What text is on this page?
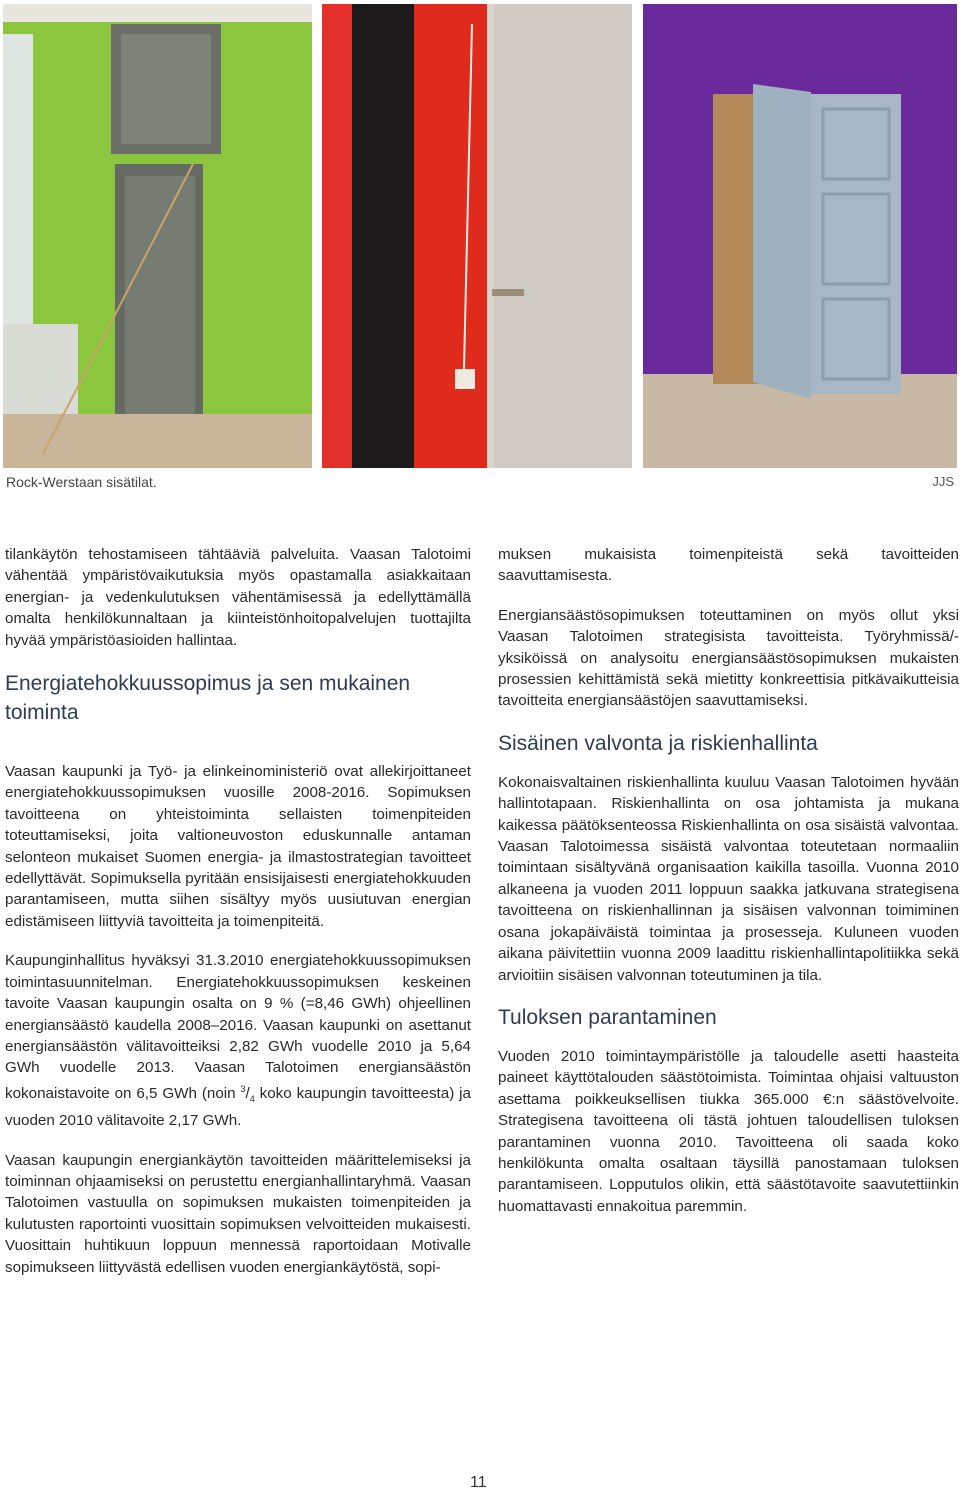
Rock-Werstaan sisätilat.	JJS

tilankäytön tehostamiseen tähtääviä palveluita. Vaasan Talotoimi vähentää ympäristövaikutuksia myös opastamalla asiakkaitaan energian- ja vedenkulutuksen vähentämisessä ja edellyttämällä omalta henkilökunnaltaan ja kiinteistönhoitopalvelujen tuottajilta hyvää ympäristöasioiden hallintaa.

Energiatehokkuussopimus ja sen mukainen toiminta

Vaasan kaupunki ja Työ- ja elinkeinoministeriö ovat allekirjoittaneet energiatehokkuussopimuksen vuosille 2008-2016. Sopimuksen tavoitteena on yhteistoiminta sellaisten toimenpiteiden toteuttamiseksi, joita valtioneuvoston eduskunnalle antaman selonteon mukaiset Suomen energia- ja ilmastostrategian tavoitteet edellyttävät. Sopimuksella pyritään ensisijaisesti energiatehokkuuden parantamiseen, mutta siihen sisältyy myös uusiutuvan energian edistämiseen liittyviä tavoitteita ja toimenpiteitä.

Kaupunginhallitus hyväksyi 31.3.2010 energiatehokkuussopimuksen toimintasuunnitelman. Energiatehokkuussopimuksen keskeinen tavoite Vaasan kaupungin osalta on 9 % (=8,46 GWh) ohjeellinen energiansäästö kaudella 2008–2016. Vaasan kaupunki on asettanut energiansäästön välitavoitteiksi 2,82 GWh vuodelle 2010 ja 5,64 GWh vuodelle 2013. Vaasan Talotoimen energiansäästön kokonaistavoite on 6,5 GWh (noin $^3/_4$ koko kaupungin tavoitteesta) ja vuoden 2010 välitavoite 2,17 GWh.

Vaasan kaupungin energiankäytön tavoitteiden määrittelemiseksi ja toiminnan ohjaamiseksi on perustettu energianhallintaryhmä. Vaasan Talotoimen vastuulla on sopimuksen mukaisten toimenpiteiden ja kulutusten raportointi vuosittain sopimuksen velvoitteiden mukaisesti. Vuosittain huhtikuun loppuun mennessä raportoidaan Motivalle sopimukseen liittyvästä edellisen vuoden energiankäytöstä, sopi-

muksen mukaisista toimenpiteistä sekä tavoitteiden saavuttamisesta.

Energiansäästösopimuksen toteuttaminen on myös ollut yksi Vaasan Talotoimen strategisista tavoitteista. Työryhmissä/-yksiköissä on analysoitu energiansäästösopimuksen mukaisten prosessien kehittämistä sekä mietitty konkreettisia pitkävaikutteisia tavoitteita energiansäästöjen saavuttamiseksi.

Sisäinen valvonta ja riskienhallinta

Kokonaisvaltainen riskienhallinta kuuluu Vaasan Talotoimen hyvään hallintotapaan. Riskienhallinta on osa johtamista ja mukana kaikessa päätöksenteossa Riskienhallinta on osa sisäistä valvontaa. Vaasan Talotoimessa sisäistä valvontaa toteutetaan normaaliin toimintaan sisältyvänä organisaation kaikilla tasoilla. Vuonna 2010 alkaneena ja vuoden 2011 loppuun saakka jatkuvana strategisena tavoitteena on riskienhallinnan ja sisäisen valvonnan toimiminen osana jokapäiväistä toimintaa ja prosesseja. Kuluneen vuoden aikana päivitettiin vuonna 2009 laadittu riskienhallintapolitiikka sekä arvioitiin sisäisen valvonnan toteutuminen ja tila.

Tuloksen parantaminen

Vuoden 2010 toimintaympäristölle ja taloudelle asetti haasteita paineet käyttötalouden säästötoimista. Toimintaa ohjaisi valtuuston asettama poikkeuksellisen tiukka 365.000 €:n säästövelvoite. Strategisena tavoitteena oli tästä johtuen taloudellisen tuloksen parantaminen vuonna 2010. Tavoitteena oli saada koko henkilökunta omalta osaltaan täysillä panostamaan tuloksen parantamiseen. Lopputulos olikin, että säästötavoite saavutettiinkin huomattavasti ennakoitua paremmin.

11
